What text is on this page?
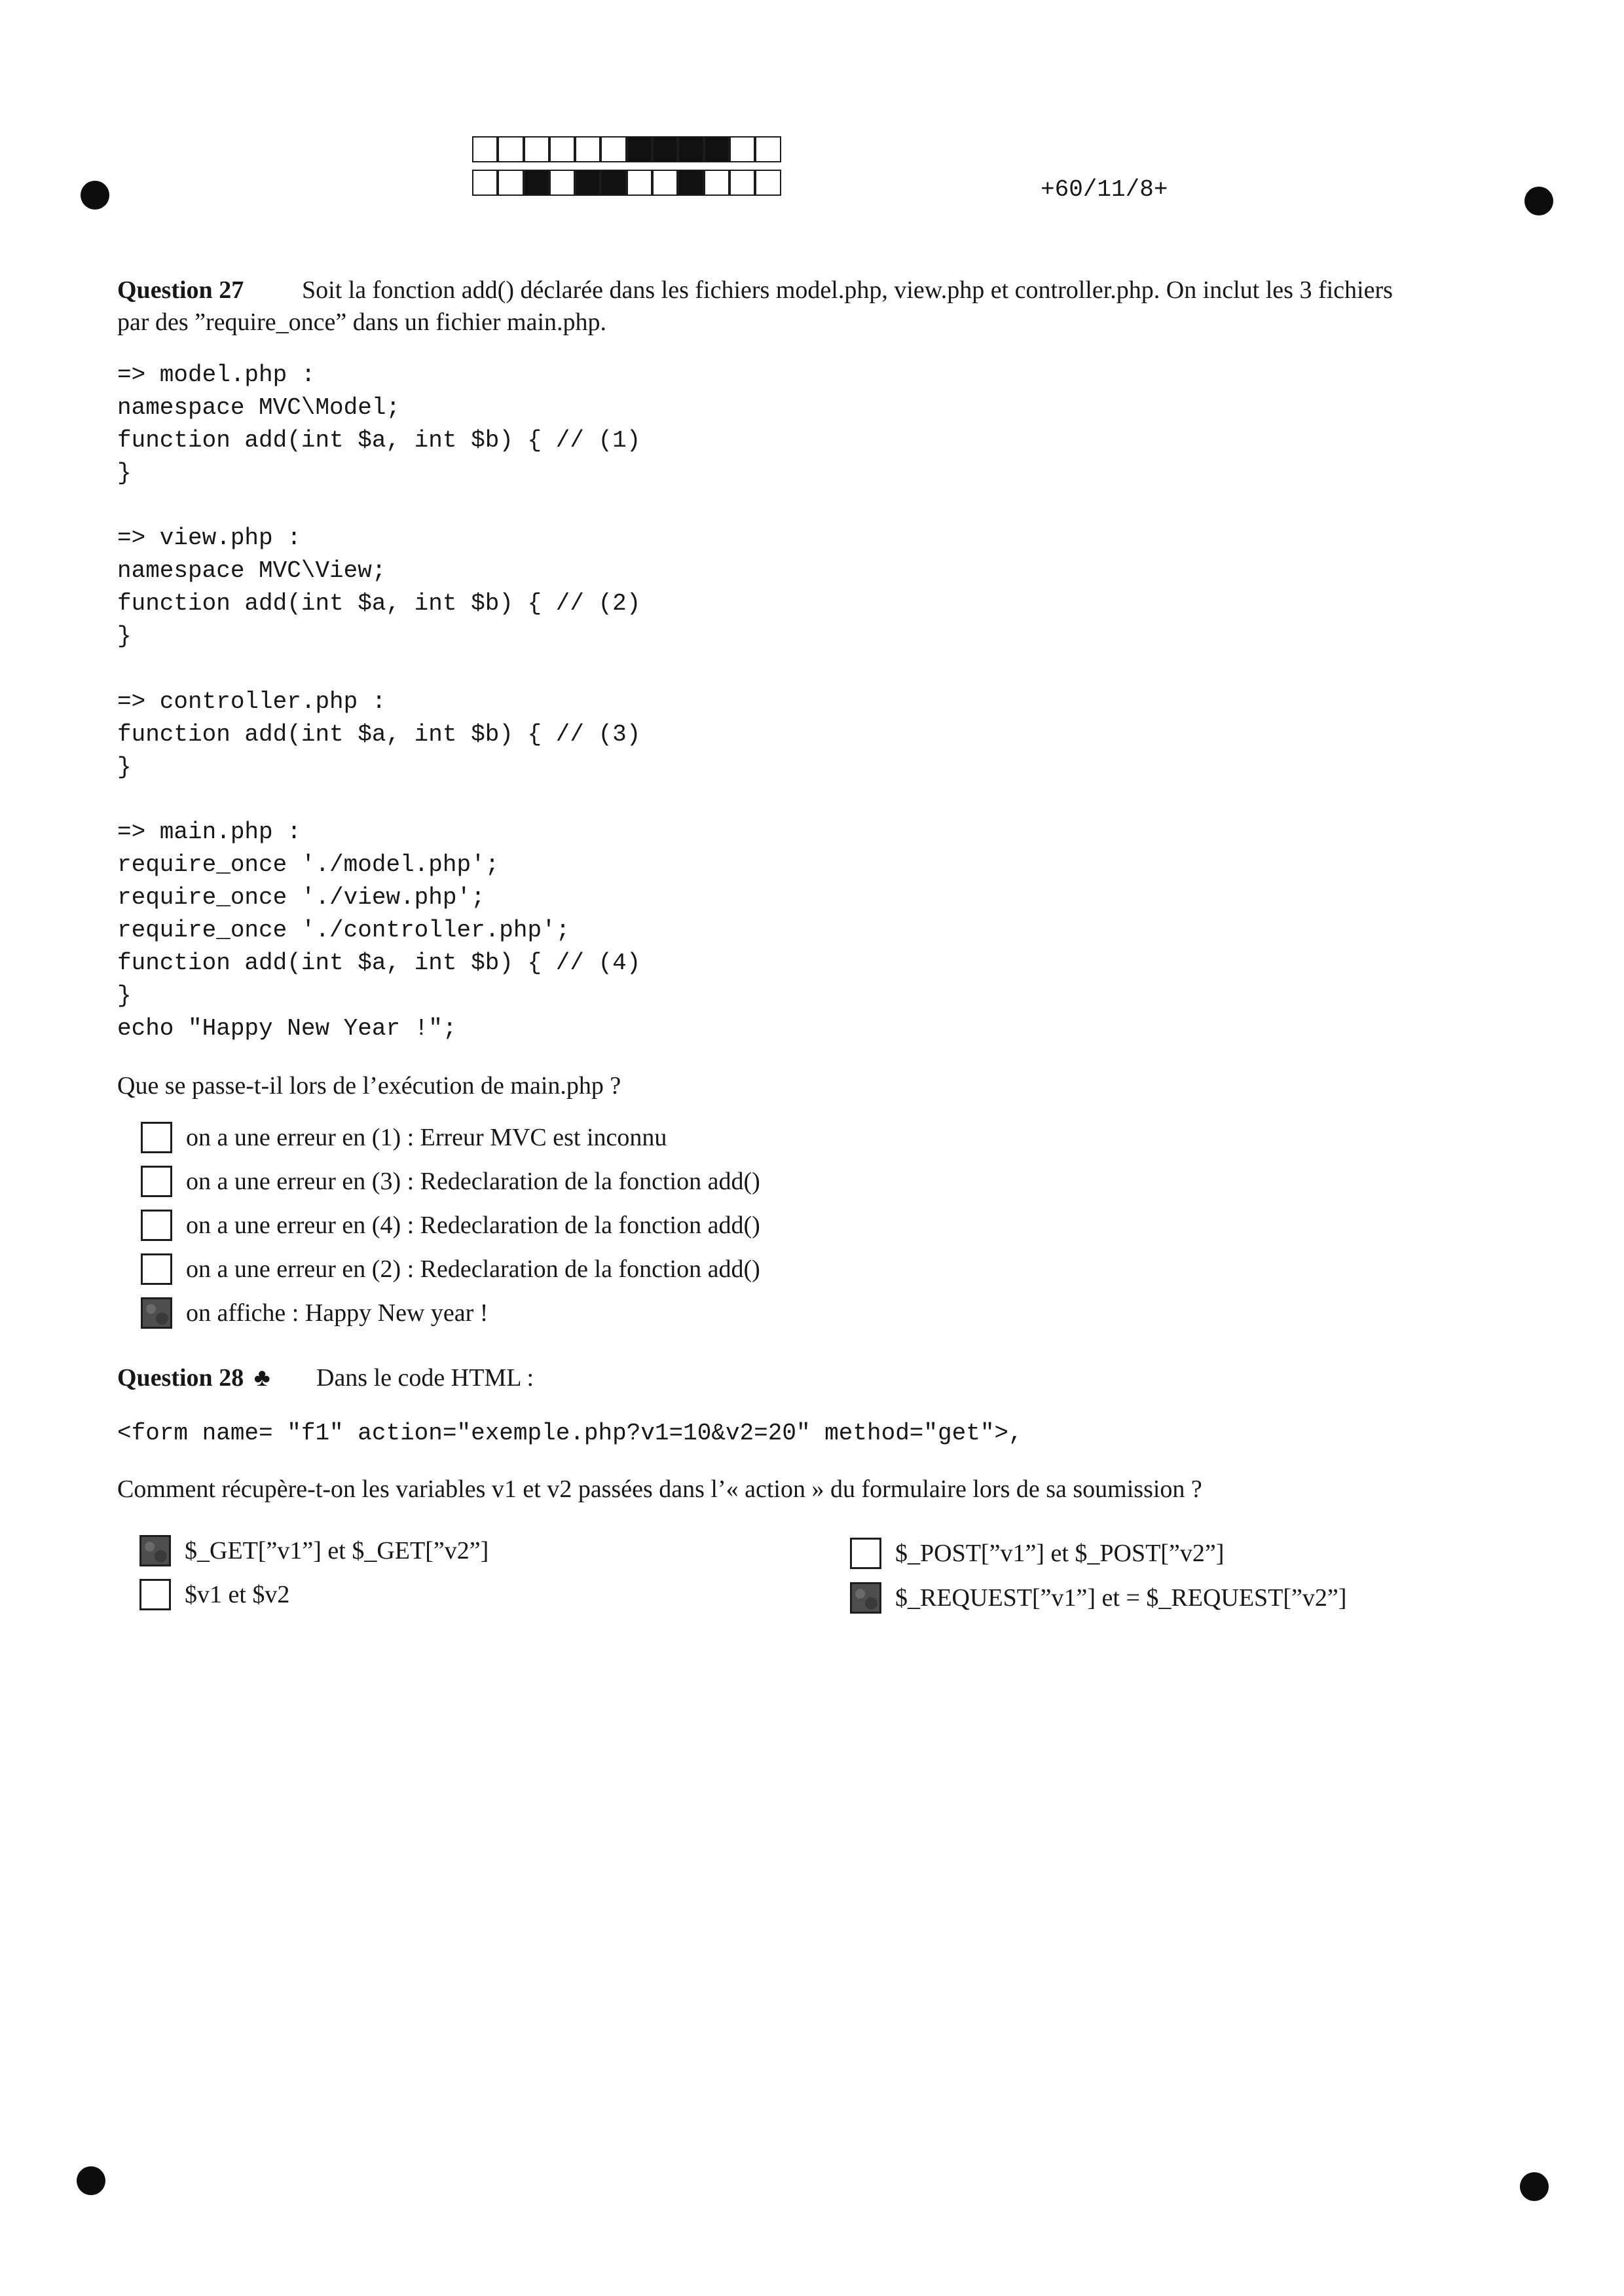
+60/11/8+
Question 27 Soit la fonction add() déclarée dans les fichiers model.php, view.php et controller.php. On inclut les 3 fichiers
par des ”require_once” dans un fichier main.php.
=> model.php :
namespace MVC\Model;
function add(int $a, int $b) { // (1)
}
=> view.php :
namespace MVC\View;
function add(int $a, int $b) { // (2)
}
=> controller.php :
function add(int $a, int $b) { // (3)
}
=> main.php :
require_once './model.php';
require_once './view.php';
require_once './controller.php';
function add(int $a, int $b) { // (4)
}
echo "Happy New Year !";
Que se passe-t-il lors de l’exécution de main.php ?
on a une erreur en (1) : Erreur MVC est inconnu
on a une erreur en (3) : Redeclaration de la fonction add()
on a une erreur en (4) : Redeclaration de la fonction add()
on a une erreur en (2) : Redeclaration de la fonction add()
on affiche : Happy New year !
Question 28 ♣ Dans le code HTML :
<form name= "f1" action="exemple.php?v1=10&v2=20" method="get">,
Comment récupère-t-on les variables v1 et v2 passées dans l’« action » du formulaire lors de sa soumission ?
$_GET[”v1”] et $_GET[”v2”]
$v1 et $v2
$_POST[”v1”] et $_POST[”v2”]
$_REQUEST[”v1”] et = $_REQUEST[”v2”]
